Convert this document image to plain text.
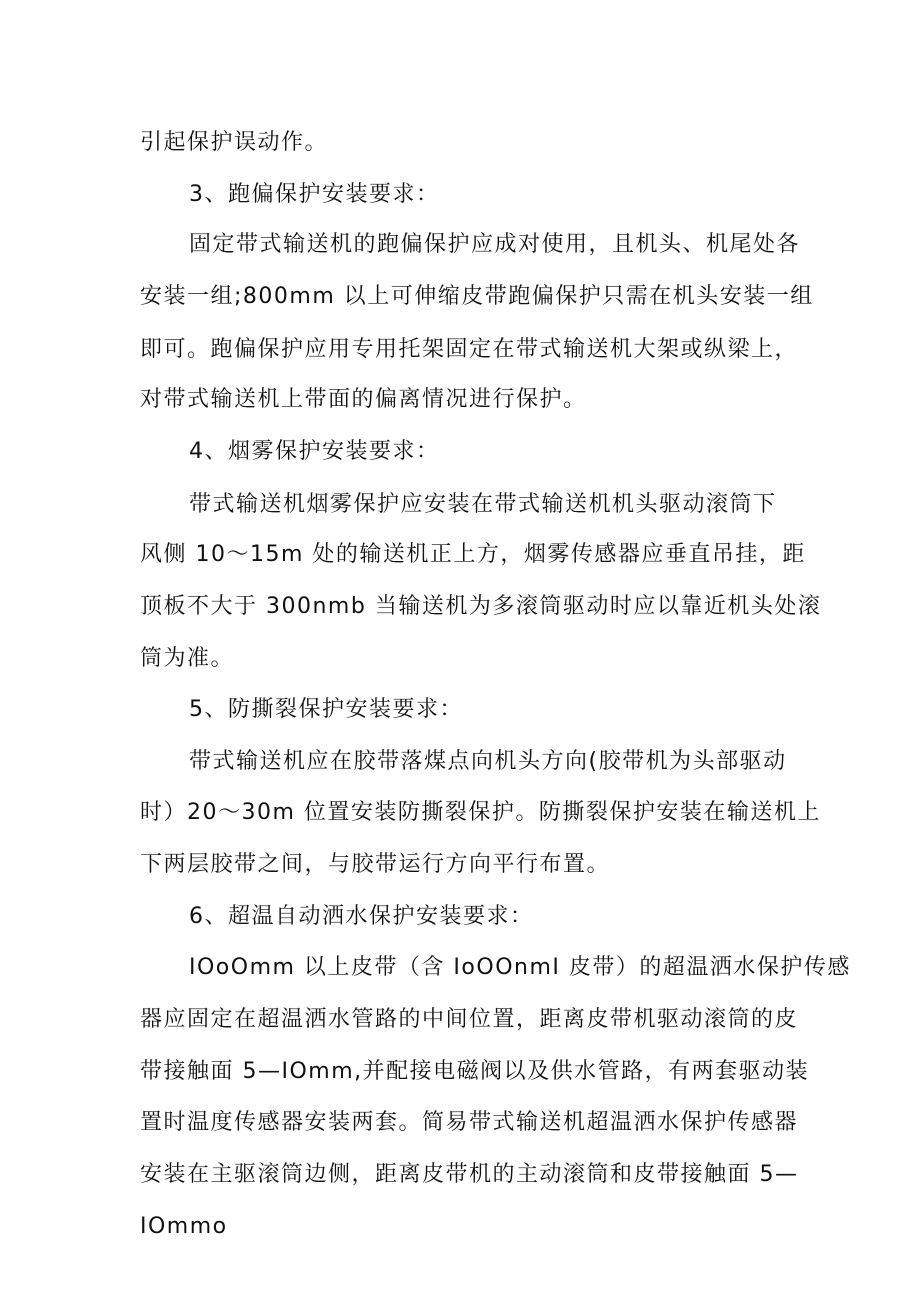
引起保护误动作。
3、跑偏保护安装要求：
固定带式输送机的跑偏保护应成对使用，且机头、机尾处各
安装一组;800mm 以上可伸缩皮带跑偏保护只需在机头安装一组
即可。跑偏保护应用专用托架固定在带式输送机大架或纵梁上，
对带式输送机上带面的偏离情况进行保护。
4、烟雾保护安装要求：
带式输送机烟雾保护应安装在带式输送机机头驱动滚筒下
风侧 10～15m 处的输送机正上方，烟雾传感器应垂直吊挂，距
顶板不大于 300nmb 当输送机为多滚筒驱动时应以靠近机头处滚
筒为准。
5、防撕裂保护安装要求：
带式输送机应在胶带落煤点向机头方向(胶带机为头部驱动
时）20～30m 位置安装防撕裂保护。防撕裂保护安装在输送机上
下两层胶带之间，与胶带运行方向平行布置。
6、超温自动洒水保护安装要求：
IOoOmm 以上皮带（含 IoOOnmI 皮带）的超温洒水保护传感
器应固定在超温洒水管路的中间位置，距离皮带机驱动滚筒的皮
带接触面 5—IOmm,并配接电磁阀以及供水管路，有两套驱动装
置时温度传感器安装两套。简易带式输送机超温洒水保护传感器
安装在主驱滚筒边侧，距离皮带机的主动滚筒和皮带接触面 5—
IOmmo
